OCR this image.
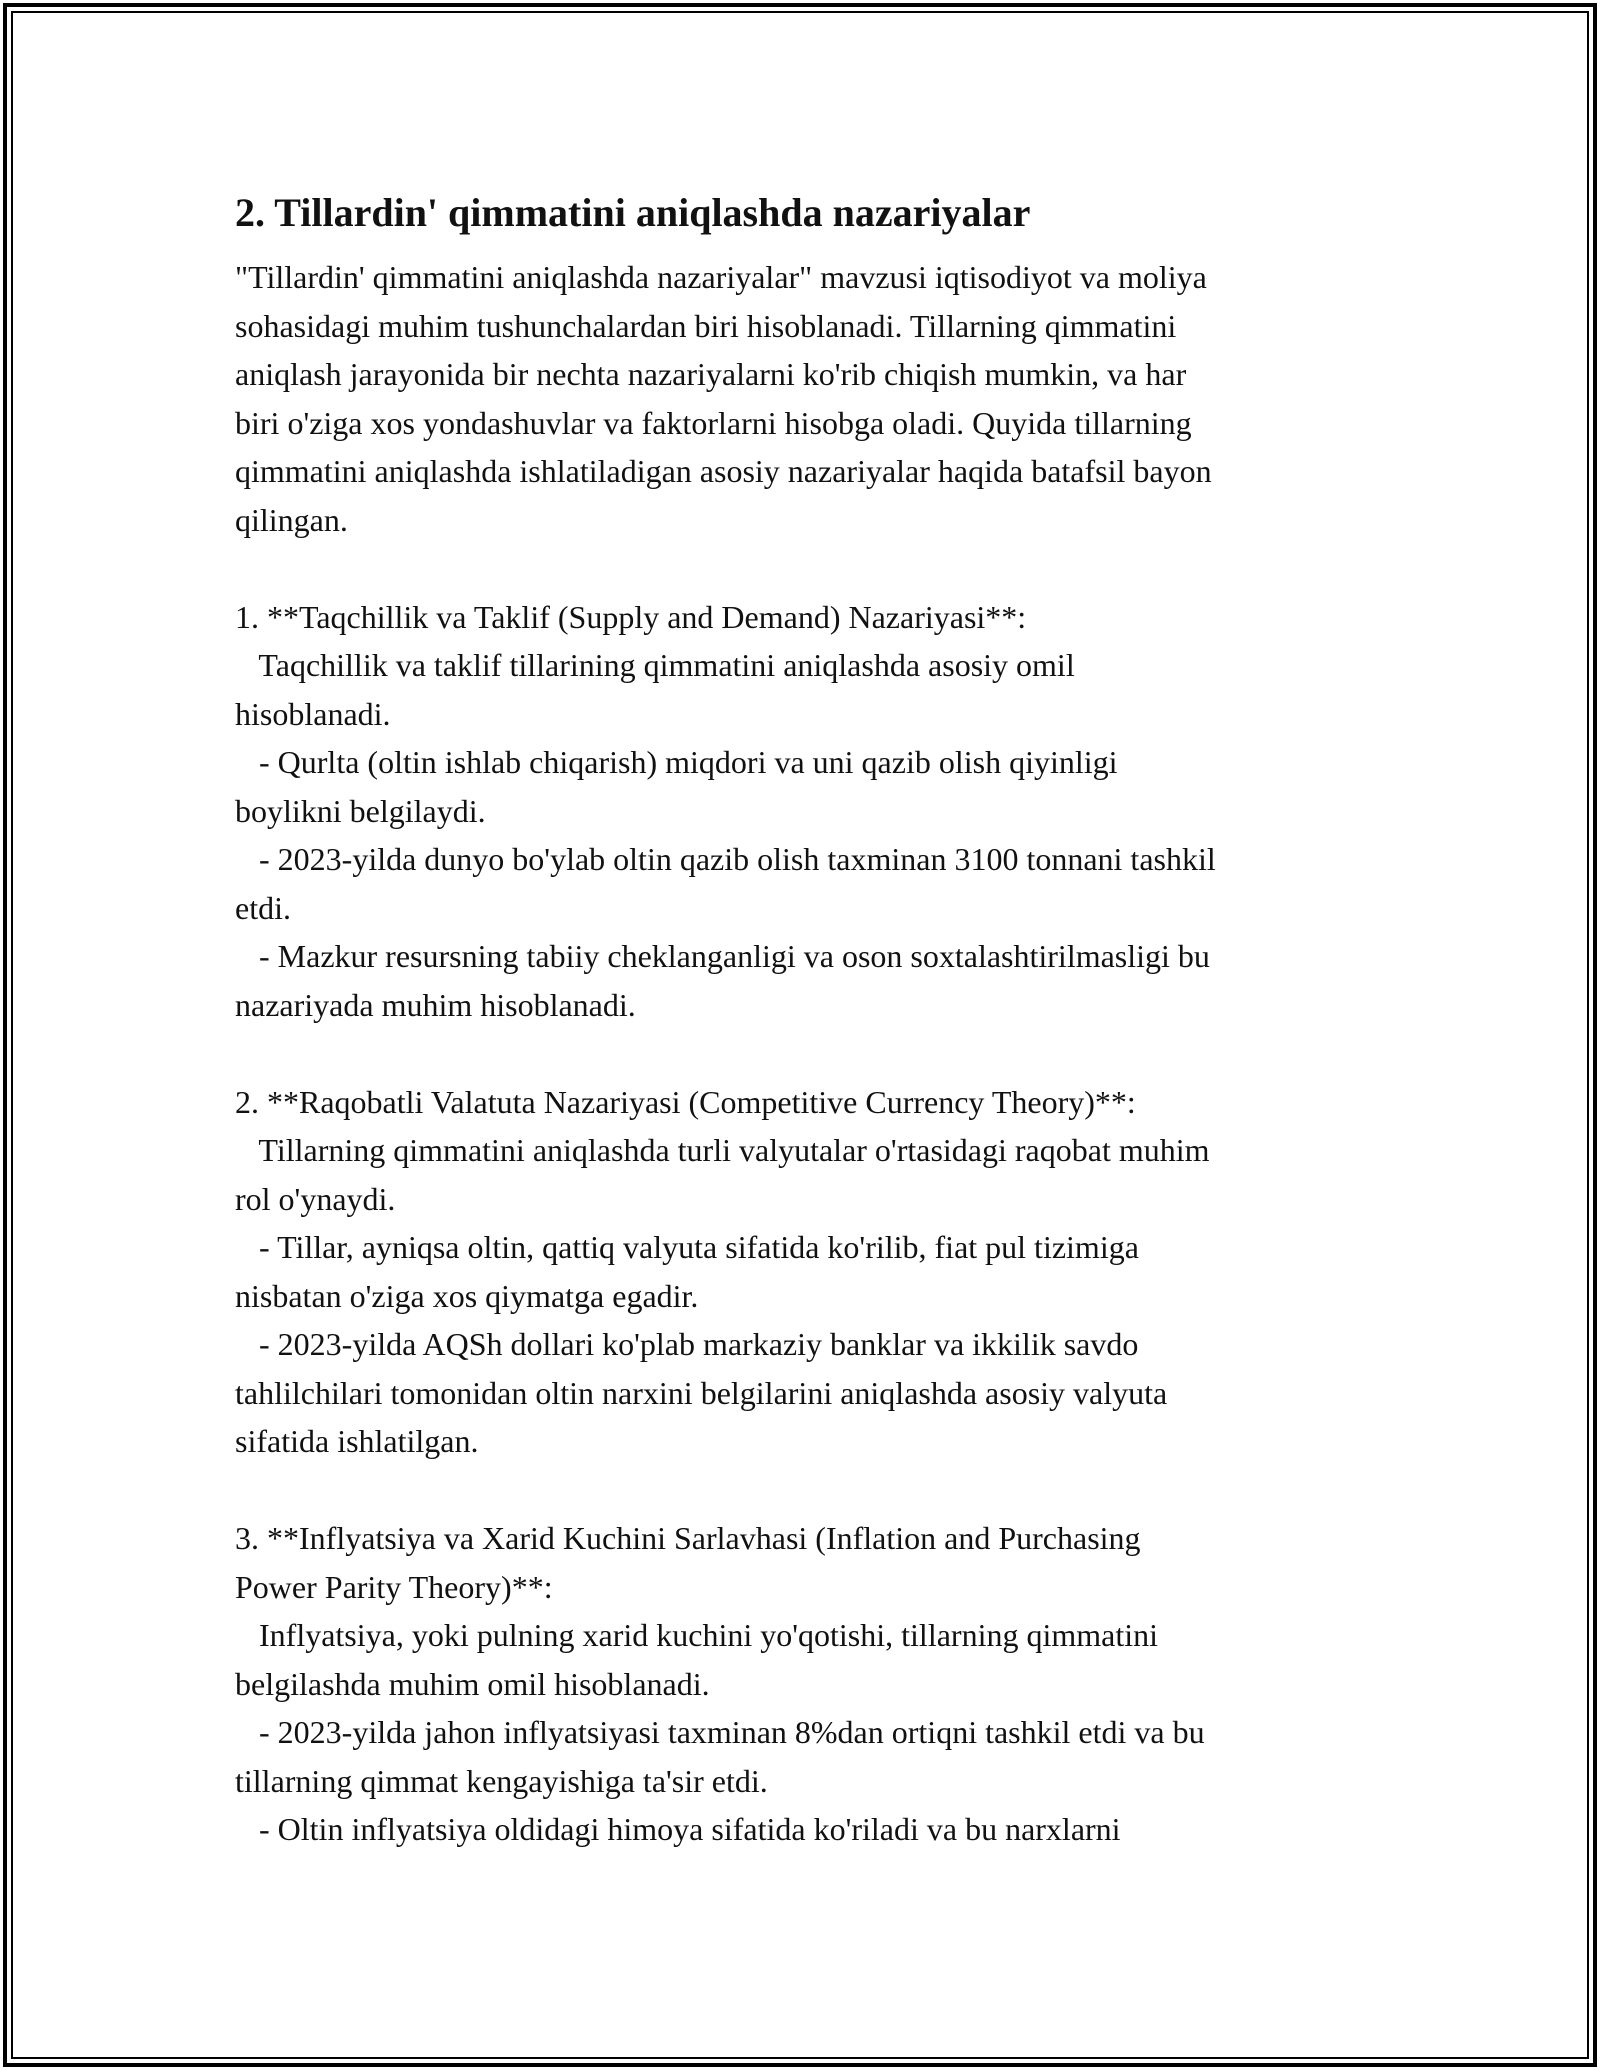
2. Tillardin' qimmatini aniqlashda nazariyalar
"Tillardin' qimmatini aniqlashda nazariyalar" mavzusi iqtisodiyot va moliya
sohasidagi muhim tushunchalardan biri hisoblanadi. Tillarning qimmatini
aniqlash jarayonida bir nechta nazariyalarni ko'rib chiqish mumkin, va har
biri o'ziga xos yondashuvlar va faktorlarni hisobga oladi. Quyida tillarning
qimmatini aniqlashda ishlatiladigan asosiy nazariyalar haqida batafsil bayon
qilingan.

1. **Taqchillik va Taklif (Supply and Demand) Nazariyasi**:
Taqchillik va taklif tillarining qimmatini aniqlashda asosiy omil
hisoblanadi.
- Qurlta (oltin ishlab chiqarish) miqdori va uni qazib olish qiyinligi
boylikni belgilaydi.
- 2023-yilda dunyo bo'ylab oltin qazib olish taxminan 3100 tonnani tashkil
etdi.
- Mazkur resursning tabiiy cheklanganligi va oson soxtalashtirilmasligi bu
nazariyada muhim hisoblanadi.

2. **Raqobatli Valatuta Nazariyasi (Competitive Currency Theory)**:
Tillarning qimmatini aniqlashda turli valyutalar o'rtasidagi raqobat muhim
rol o'ynaydi.
- Tillar, ayniqsa oltin, qattiq valyuta sifatida ko'rilib, fiat pul tizimiga
nisbatan o'ziga xos qiymatga egadir.
- 2023-yilda AQSh dollari ko'plab markaziy banklar va ikkilik savdo
tahlilchilari tomonidan oltin narxini belgilarini aniqlashda asosiy valyuta
sifatida ishlatilgan.

3. **Inflyatsiya va Xarid Kuchini Sarlavhasi (Inflation and Purchasing
Power Parity Theory)**:
Inflyatsiya, yoki pulning xarid kuchini yo'qotishi, tillarning qimmatini
belgilashda muhim omil hisoblanadi.
- 2023-yilda jahon inflyatsiyasi taxminan 8%dan ortiqni tashkil etdi va bu
tillarning qimmat kengayishiga ta'sir etdi.
- Oltin inflyatsiya oldidagi himoya sifatida ko'riladi va bu narxlarni
